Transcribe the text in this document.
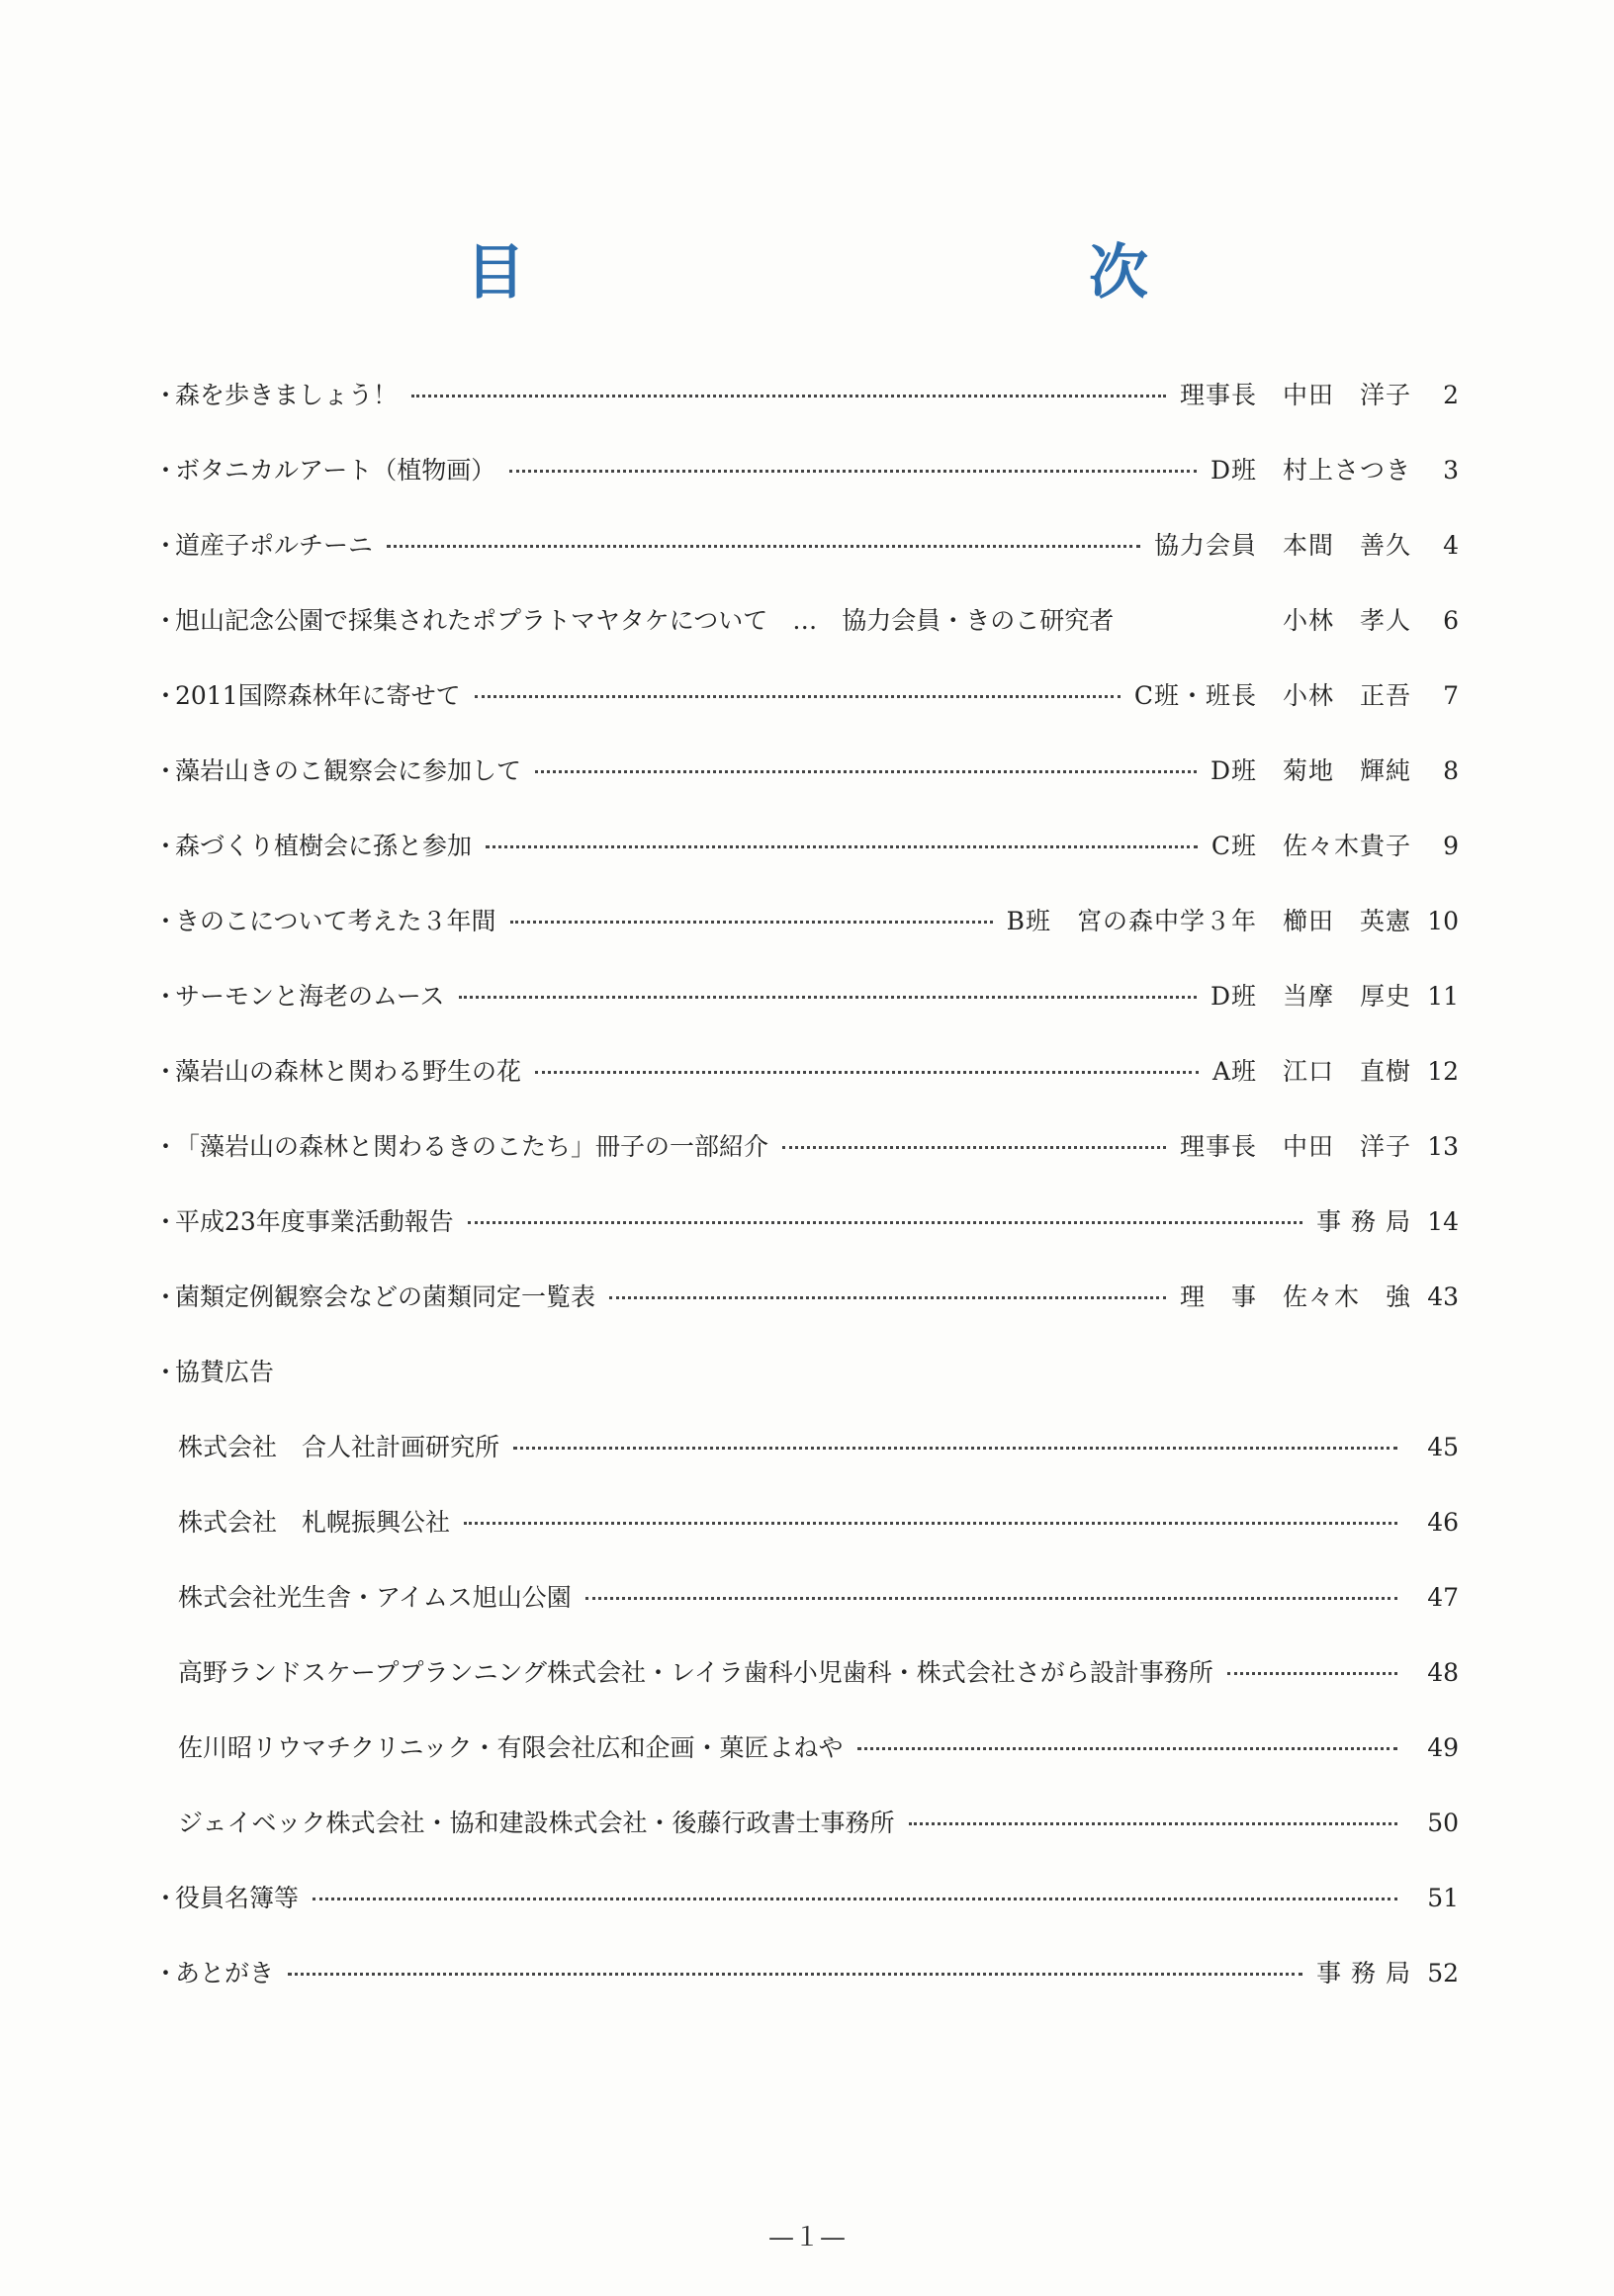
目　　次
・
森を歩きましょう！	理事長　中田　洋子	2
・
ボタニカルアート（植物画）	D班　村上さつき	3
・
道産子ポルチーニ	協力会員　本間　善久	4
・
旭山記念公園で採集されたポプラトマヤタケについて　…　協力会員・きのこ研究者	小林　孝人	6
・
2011国際森林年に寄せて	C班・班長　小林　正吾	7
・
藻岩山きのこ観察会に参加して	D班　菊地　輝純	8
・
森づくり植樹会に孫と参加	C班　佐々木貴子	9
・
きのこについて考えた３年間	B班　宮の森中学３年　櫛田　英憲 10
・
サーモンと海老のムース	D班　当摩　厚史 11
・
藻岩山の森林と関わる野生の花	A班　江口　直樹 12
・
「藻岩山の森林と関わるきのこたち」冊子の一部紹介	理事長　中田　洋子 13
・
平成23年度事業活動報告	事 務 局 14
・
菌類定例観察会などの菌類同定一覧表	理　事　佐々木　強 43
・
協賛広告
株式会社　合人社計画研究所	45
株式会社　札幌振興公社	46
株式会社光生舎・アイムス旭山公園	47
高野ランドスケーププランニング株式会社・レイラ歯科小児歯科・株式会社さがら設計事務所	48
佐川昭リウマチクリニック・有限会社広和企画・菓匠よねや	49
ジェイベック株式会社・協和建設株式会社・後藤行政書士事務所	50
・
役員名簿等	51
・
あとがき	事 務 局 52
—１—
